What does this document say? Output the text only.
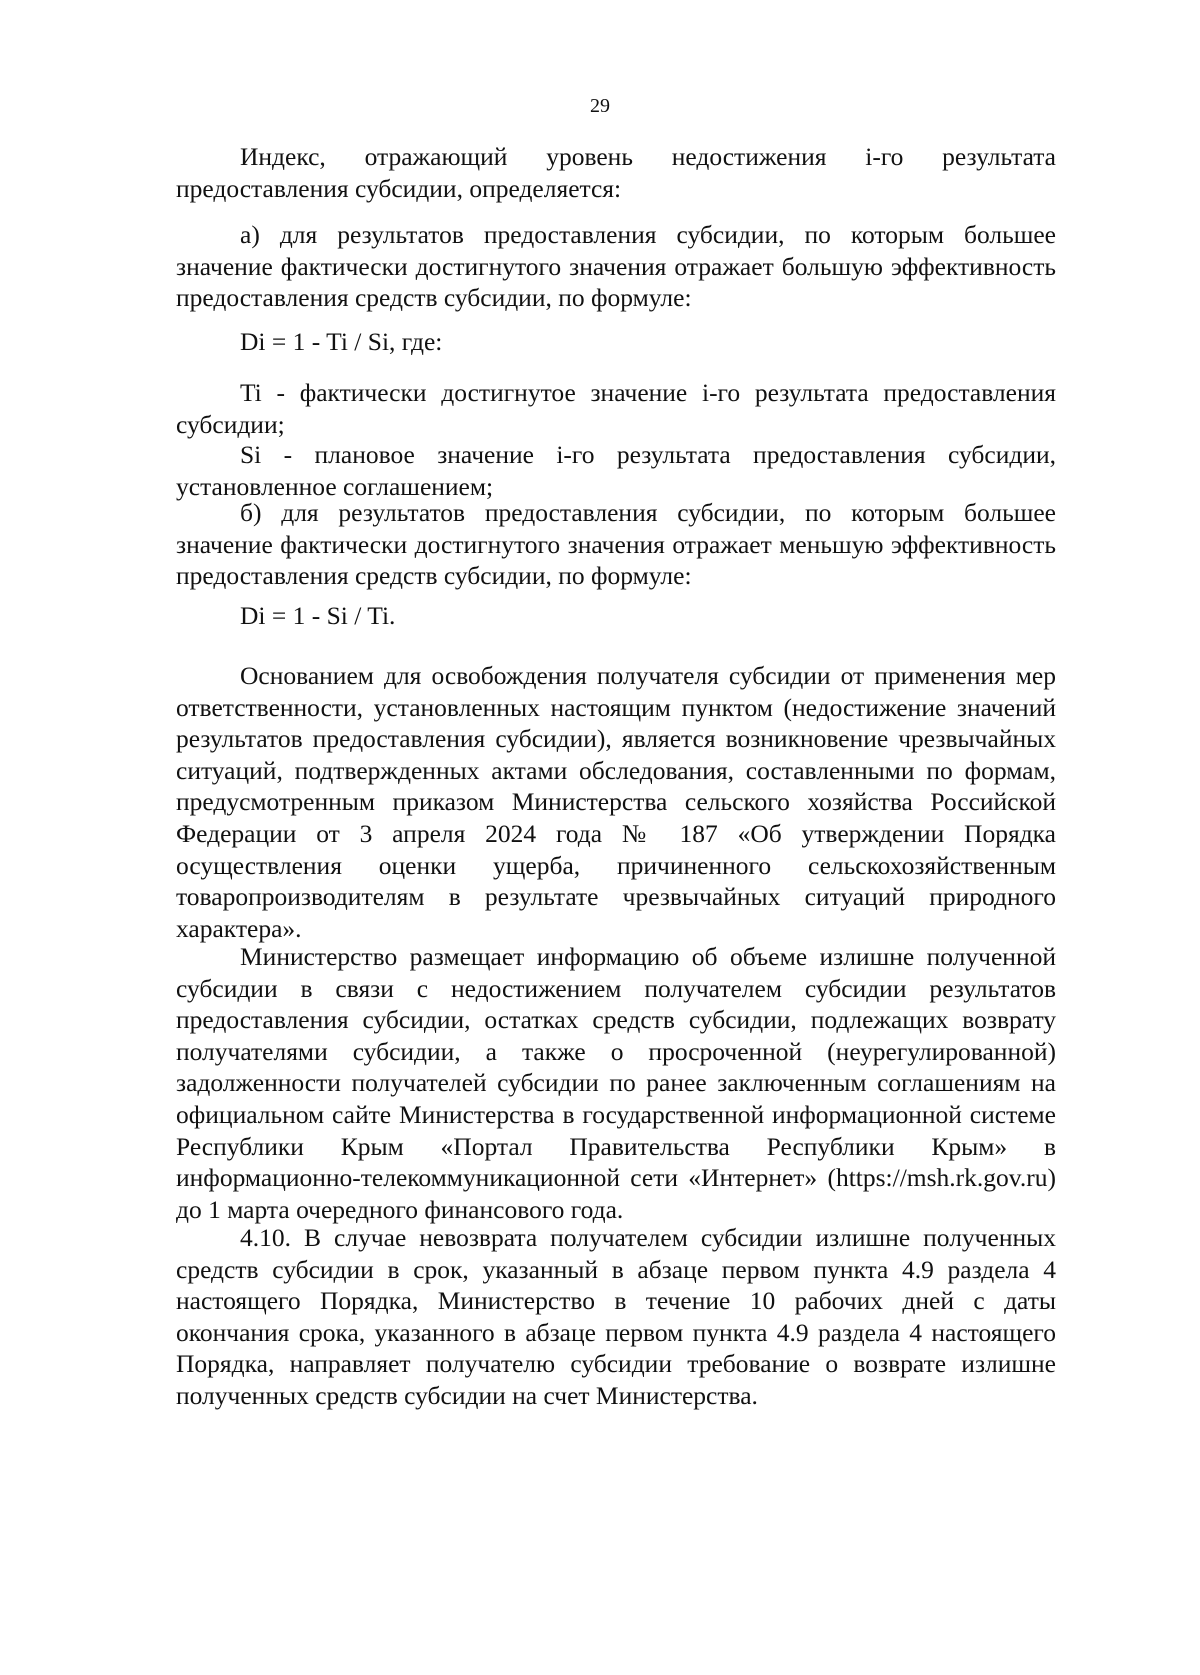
29

Индекс, отражающий уровень недостижения i-го результата предоставления субсидии, определяется:

а) для результатов предоставления субсидии, по которым большее значение фактически достигнутого значения отражает большую эффективность предоставления средств субсидии, по формуле:

Di = 1 - Ti / Si, где:

Ti - фактически достигнутое значение i-го результата предоставления субсидии;

Si - плановое значение i-го результата предоставления субсидии, установленное соглашением;

б) для результатов предоставления субсидии, по которым большее значение фактически достигнутого значения отражает меньшую эффективность предоставления средств субсидии, по формуле:

Di = 1 - Si / Ti.

Основанием для освобождения получателя субсидии от применения мер ответственности, установленных настоящим пунктом (недостижение значений результатов предоставления субсидии), является возникновение чрезвычайных ситуаций, подтвержденных актами обследования, составленными по формам, предусмотренным приказом Министерства сельского хозяйства Российской Федерации от 3 апреля 2024 года № 187 «Об утверждении Порядка осуществления оценки ущерба, причиненного сельскохозяйственным товаропроизводителям в результате чрезвычайных ситуаций природного характера».

Министерство размещает информацию об объеме излишне полученной субсидии в связи с недостижением получателем субсидии результатов предоставления субсидии, остатках средств субсидии, подлежащих возврату получателями субсидии, а также о просроченной (неурегулированной) задолженности получателей субсидии по ранее заключенным соглашениям на официальном сайте Министерства в государственной информационной системе Республики Крым «Портал Правительства Республики Крым» в информационно-телекоммуникационной сети «Интернет» (https://msh.rk.gov.ru) до 1 марта очередного финансового года.

4.10. В случае невозврата получателем субсидии излишне полученных средств субсидии в срок, указанный в абзаце первом пункта 4.9 раздела 4 настоящего Порядка, Министерство в течение 10 рабочих дней с даты окончания срока, указанного в абзаце первом пункта 4.9 раздела 4 настоящего Порядка, направляет получателю субсидии требование о возврате излишне полученных средств субсидии на счет Министерства.
